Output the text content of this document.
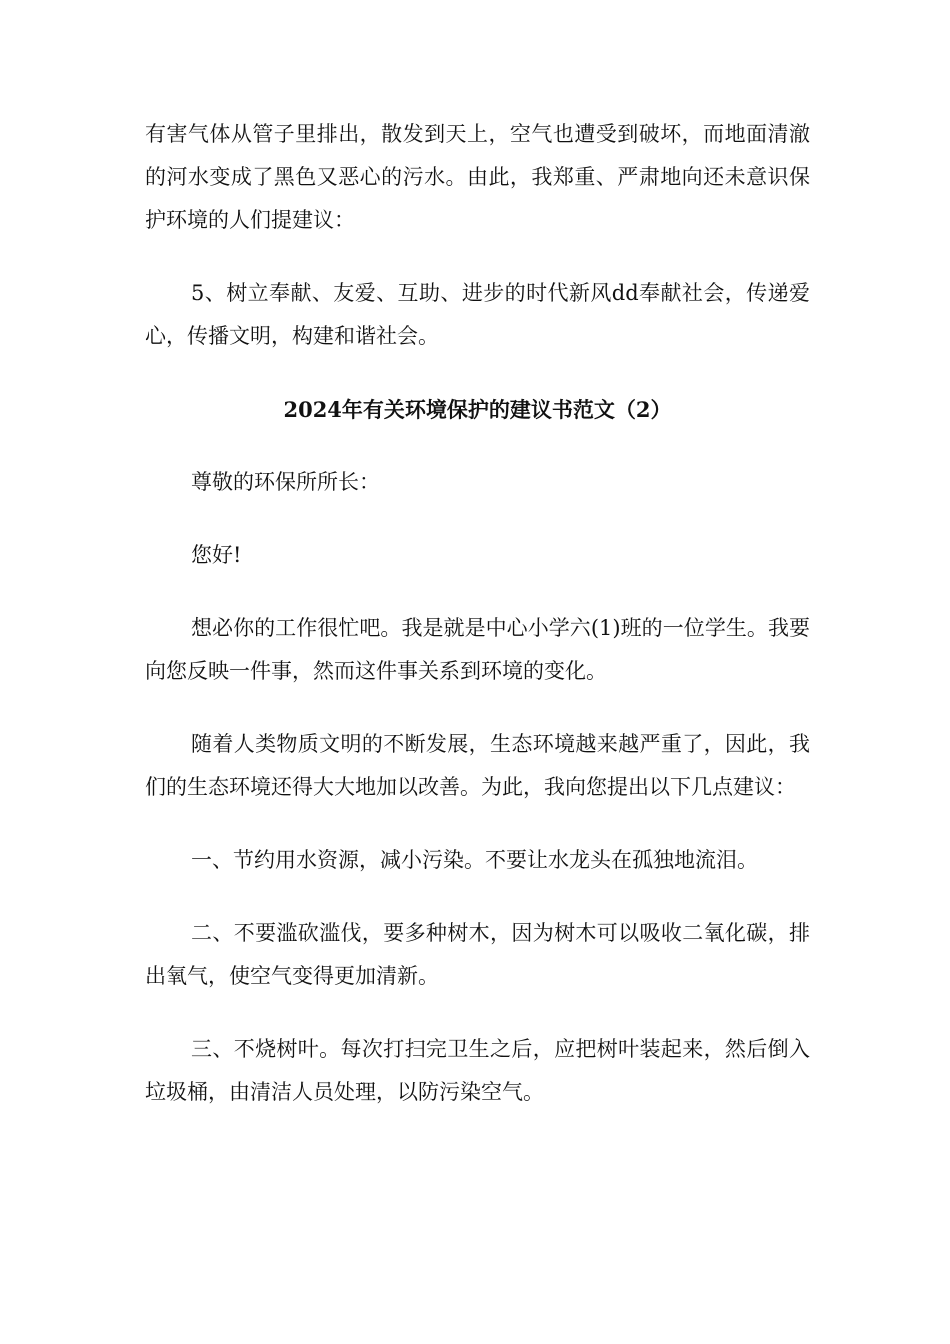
有害气体从管子里排出，散发到天上，空气也遭受到破坏，而地面清澈的河水变成了黑色又恶心的污水。由此，我郑重、严肃地向还未意识保护环境的人们提建议：

5、树立奉献、友爱、互助、进步的时代新风dd奉献社会，传递爱心，传播文明，构建和谐社会。

2024年有关环境保护的建议书范文（2）

尊敬的环保所所长：

您好!

想必你的工作很忙吧。我是就是中心小学六(1)班的一位学生。我要向您反映一件事，然而这件事关系到环境的变化。

随着人类物质文明的不断发展，生态环境越来越严重了，因此，我们的生态环境还得大大地加以改善。为此，我向您提出以下几点建议：

一、节约用水资源，减小污染。不要让水龙头在孤独地流泪。

二、不要滥砍滥伐，要多种树木，因为树木可以吸收二氧化碳，排出氧气，使空气变得更加清新。

三、不烧树叶。每次打扫完卫生之后，应把树叶装起来，然后倒入垃圾桶，由清洁人员处理，以防污染空气。
